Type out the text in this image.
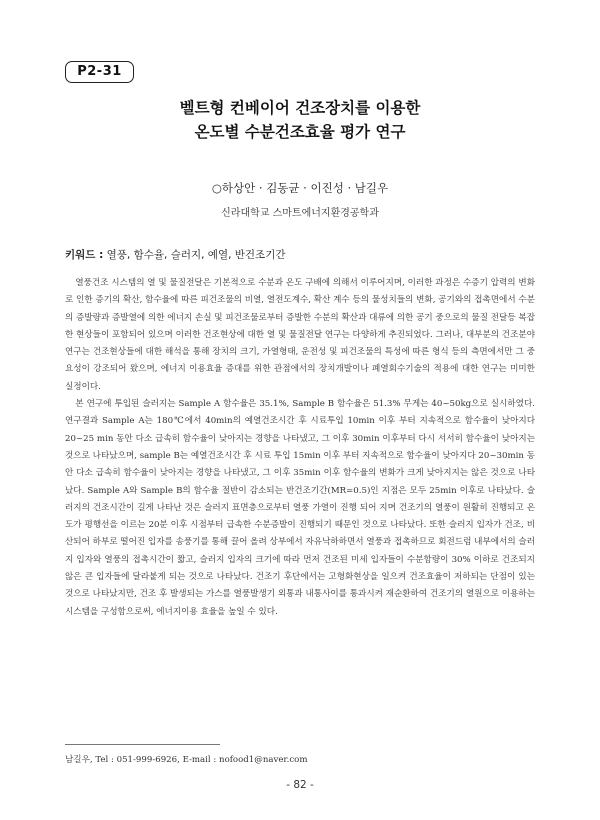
P2-31
벨트형 컨베이어 건조장치를 이용한
온도별 수분건조효율 평가 연구
○하상안 · 김동균 · 이진성 · 남길우
신라대학교 스마트에너지환경공학과
키워드 : 열풍, 함수율, 슬러지, 예열, 반건조기간

열풍건조 시스템의 열 및 물질전달은 기본적으로 수분과 온도 구배에 의해서 이루어지며, 이러한 과정은 수증기 압력의 변화로 인한 증기의 확산, 함수율에 따른 피건조물의 비열, 열전도계수, 확산 계수 등의 물성치들의 변화, 공기와의 접촉면에서 수분의 증발량과 증발열에 의한 에너지 손실 및 피건조물로부터 증발한 수분의 확산과 대류에 의한 공기 중으로의 물질 전달등 복잡한 현상들이 포함되어 있으며 이러한 건조현상에 대한 열 및 물질전달 연구는 다양하게 추진되었다. 그러나, 대부분의 건조분야 연구는 건조현상들에 대한 해석을 통해 장치의 크기, 가열형태, 운전성 및 피건조물의 특성에 따른 형식 등의 측면에서만 그 중요성이 강조되어 왔으며, 에너지 이용효율 증대를 위한 관점에서의 장치개발이나 폐열회수기술의 적용에 대한 연구는 미미한 실정이다.

본 연구에 투입된 슬러지는 Sample A 함수율은 35.1%, Sample B 함수율은 51.3% 무게는 40~50kg으로 실시하였다. 연구결과 Sample A는 180℃에서 40min의 예열건조시간 후 시료투입 10min 이후 부터 지속적으로 함수율이 낮아지다 20~25 min 동안 다소 급속히 함수율이 낮아지는 경향을 나타냈고, 그 이후 30min 이후부터 다시 서서히 함수율이 낮아지는 것으로 나타났으며, sample B는 예열건조시간 후 시료 투입 15min 이후 부터 지속적으로 함수율이 낮아지다 20~30min 동안 다소 급속히 함수율이 낮아지는 경향을 나타냈고, 그 이후 35min 이후 함수율의 변화가 크게 낮아지지는 않은 것으로 나타났다. Sample A와 Sample B의 함수율 절반이 감소되는 반건조기간(MR=0.5)인 지점은 모두 25min 이후로 나타났다. 슬러지의 건조시간이 길게 나타난 것은 슬러지 표면층으로부터 열풍 가열이 진행 되어 지며 건조기의 열풍이 원활히 진행되고 온도가 평행선을 이르는 20분 이후 시점부터 급속한 수분증발이 진행되기 때문인 것으로 나타났다. 또한 슬러지 입자가 건조, 비산되어 하부로 떨어진 입자를 송풍기를 통해 끌어 올려 상부에서 자유낙하하면서 열풍과 접촉하므로 회전드럼 내부에서의 슬러지 입자와 열풍의 접촉시간이 짧고, 슬러지 입자의 크기에 따라 먼저 건조된 미세 입자들이 수분함량이 30% 이하로 건조되지 않은 큰 입자들에 달라붙게 되는 것으로 나타났다. 건조기 후단에서는 고형화현상을 일으켜 건조효율이 저하되는 단점이 있는 것으로 나타났지만, 건조 후 발생되는 가스를 열풍발생기 외통과 내통사이를 통과시켜 재순환하여 건조기의 열원으로 이용하는 시스템을 구성함으로써, 에너지이용 효율을 높일 수 있다.

남길우, Tel : 051-999-6926, E-mail : nofood1@naver.com
- 82 -
